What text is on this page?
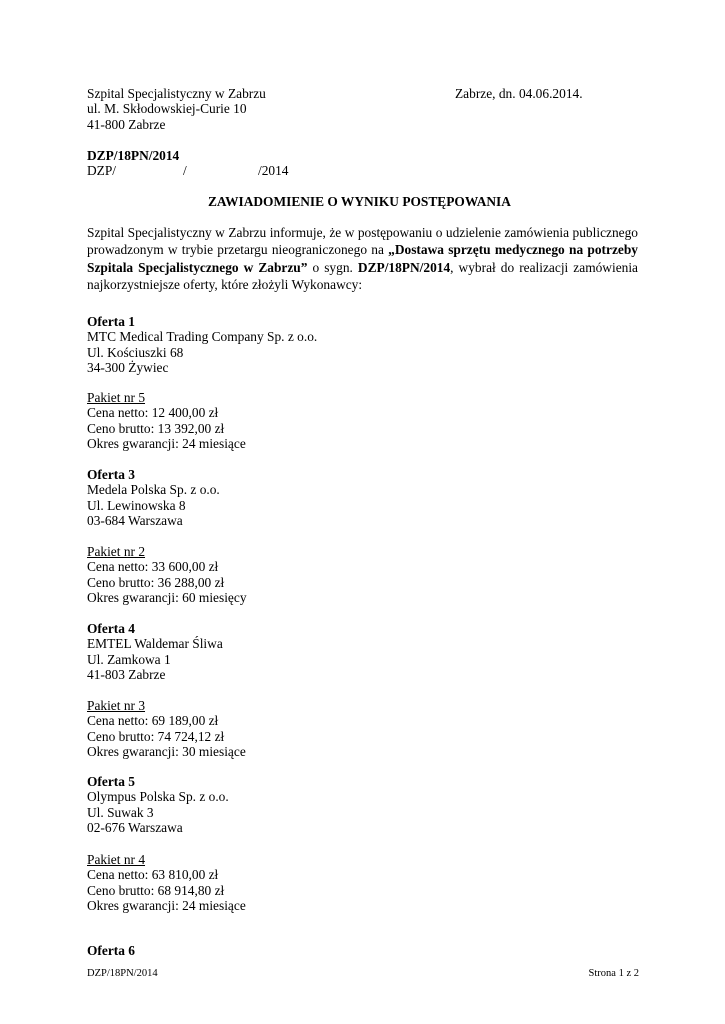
Szpital Specjalistyczny w Zabrzu
ul. M. Skłodowskiej-Curie 10
41-800 Zabrze
Zabrze, dn. 04.06.2014.
DZP/18PN/2014
DZP/	/	/2014
ZAWIADOMIENIE O WYNIKU POSTĘPOWANIA
Szpital Specjalistyczny w Zabrzu informuje, że w postępowaniu o udzielenie zamówienia publicznego prowadzonym w trybie przetargu nieograniczonego na „Dostawa sprzętu medycznego na potrzeby Szpitala Specjalistycznego w Zabrzu” o sygn. DZP/18PN/2014, wybrał do realizacji zamówienia najkorzystniejsze oferty, które złożyli Wykonawcy:
Oferta 1
MTC Medical Trading Company Sp. z o.o.
Ul. Kościuszki 68
34-300 Żywiec
Pakiet nr 5
Cena netto: 12 400,00 zł
Ceno brutto: 13 392,00 zł
Okres gwarancji: 24 miesiące
Oferta 3
Medela Polska Sp. z o.o.
Ul. Lewinowska 8
03-684 Warszawa
Pakiet nr 2
Cena netto: 33 600,00 zł
Ceno brutto: 36 288,00 zł
Okres gwarancji: 60 miesięcy
Oferta 4
EMTEL Waldemar Śliwa
Ul. Zamkowa 1
41-803 Zabrze
Pakiet nr 3
Cena netto: 69 189,00 zł
Ceno brutto: 74 724,12 zł
Okres gwarancji: 30 miesiące
Oferta 5
Olympus Polska Sp. z o.o.
Ul. Suwak 3
02-676 Warszawa
Pakiet nr 4
Cena netto: 63 810,00 zł
Ceno brutto: 68 914,80 zł
Okres gwarancji: 24 miesiące
Oferta 6
DZP/18PN/2014	Strona 1 z 2
